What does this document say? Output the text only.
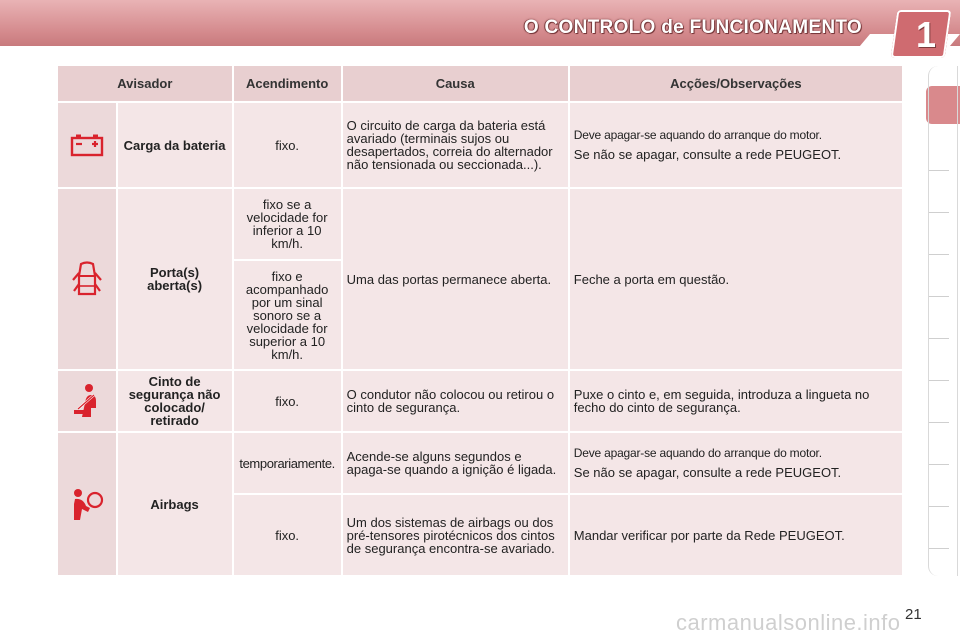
O CONTROLO de FUNCIONAMENTO 1
Avisador		Acendimento	Causa	Acções/Observações

	Carga da bateria	fixo.	O circuito de carga da bateria está avariado (terminais sujos ou desapertados, correia do alternador não tensionada ou seccionada...).	Deve apagar-se aquando do arranque do motor.

Se não se apagar, consulte a rede PEUGEOT.

	Porta(s) aberta(s)	fixo se a velocidade for inferior a 10 km/h.	Uma das portas permanece aberta.	Feche a porta em questão.
		fixo e acompanhado por um sinal sonoro se a velocidade for superior a 10 km/h.		

	Cinto de segurança não colocado/ retirado	fixo.	O condutor não colocou ou retirou o cinto de segurança.	Puxe o cinto e, em seguida, introduza a lingueta no fecho do cinto de segurança.

	Airbags	temporariamente.	Acende-se alguns segundos e apaga-se quando a ignição é ligada.	Deve apagar-se aquando do arranque do motor.

Se não se apagar, consulte a rede PEUGEOT.

		fixo.	Um dos sistemas de airbags ou dos pré-tensores pirotécnicos dos cintos de segurança encontra-se avariado.	Mandar verificar por parte da Rede PEUGEOT.
carmanualsonline.info 21
